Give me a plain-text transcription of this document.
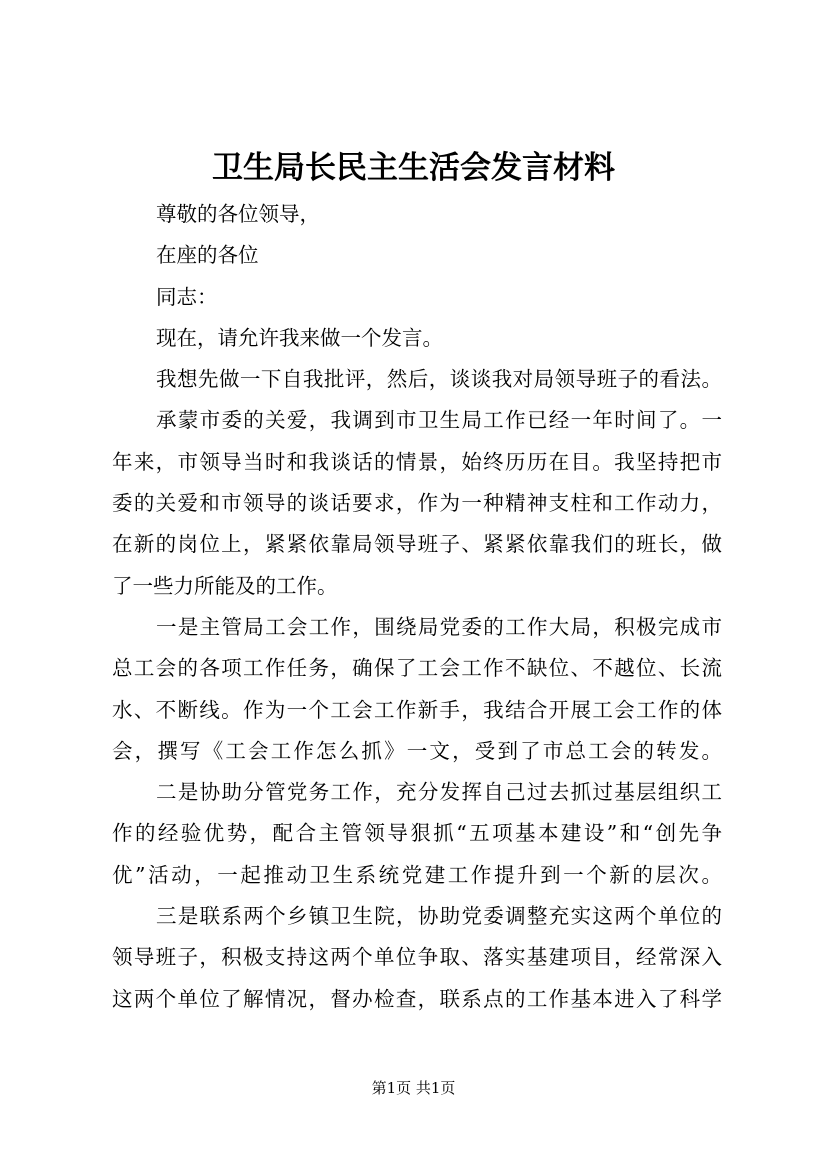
卫生局长民主生活会发言材料
尊敬的各位领导，
在座的各位
同志：
现在，请允许我来做一个发言。
我想先做一下自我批评，然后，谈谈我对局领导班子的看法。
承蒙市委的关爱，我调到市卫生局工作已经一年时间了。一
年来，市领导当时和我谈话的情景，始终历历在目。我坚持把市
委的关爱和市领导的谈话要求，作为一种精神支柱和工作动力，
在新的岗位上，紧紧依靠局领导班子、紧紧依靠我们的班长，做
了一些力所能及的工作。
一是主管局工会工作，围绕局党委的工作大局，积极完成市
总工会的各项工作任务，确保了工会工作不缺位、不越位、长流
水、不断线。作为一个工会工作新手，我结合开展工会工作的体
会，撰写《工会工作怎么抓》一文，受到了市总工会的转发。
二是协助分管党务工作，充分发挥自己过去抓过基层组织工
作的经验优势，配合主管领导狠抓“五项基本建设”和“创先争
优”活动，一起推动卫生系统党建工作提升到一个新的层次。
三是联系两个乡镇卫生院，协助党委调整充实这两个单位的
领导班子，积极支持这两个单位争取、落实基建项目，经常深入
这两个单位了解情况，督办检查，联系点的工作基本进入了科学
第1页 共1页
